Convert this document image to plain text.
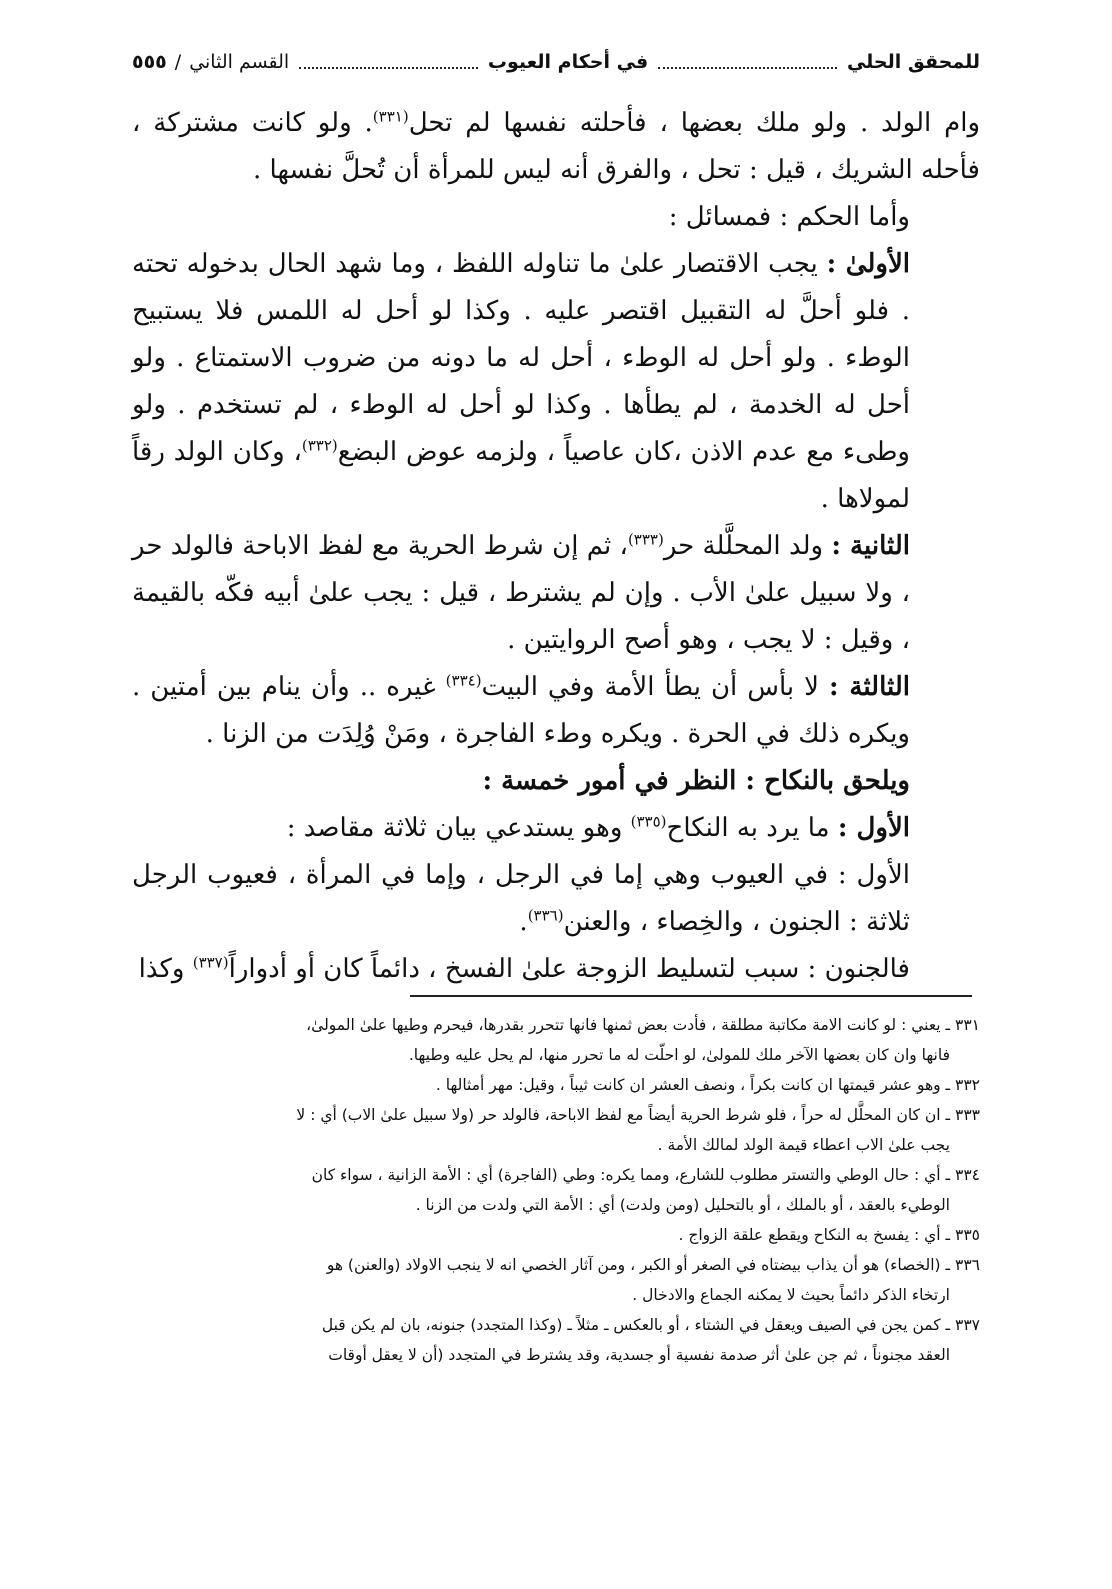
للمحقق الحلي
في أحكام العيوب
القسم الثاني
/
٥٥٥

وام الولد . ولو ملك بعضها ، فأحلته نفسها لم تحل$^{(٣٣١)}$. ولو كانت مشتركة ، فأحله الشريك ، قيل : تحل ، والفرق أنه ليس للمرأة أن تُحلَّ نفسها .

وأما الحكم : فمسائل :

الأولىٰ : يجب الاقتصار علىٰ ما تناوله اللفظ ، وما شهد الحال بدخوله تحته . فلو أحلَّ له التقبيل اقتصر عليه . وكذا لو أحل له اللمس فلا يستبيح الوطء . ولو أحل له الوطء ، أحل له ما دونه من ضروب الاستمتاع . ولو أحل له الخدمة ، لم يطأها . وكذا لو أحل له الوطء ، لم تستخدم . ولو وطىء مع عدم الاذن ،كان عاصياً ، ولزمه عوض البضع$^{(٣٣٢)}$، وكان الولد رقاً لمولاها .

الثانية : ولد المحلَّلة حر$^{(٣٣٣)}$، ثم إن شرط الحرية مع لفظ الاباحة فالولد حر ، ولا سبيل علىٰ الأب . وإن لم يشترط ، قيل : يجب علىٰ أبيه فكّه بالقيمة ، وقيل : لا يجب ، وهو أصح الروايتين .

الثالثة : لا بأس أن يطأ الأمة وفي البيت$^{(٣٣٤)}$ غيره .. وأن ينام بين أمتين . ويكره ذلك في الحرة . ويكره وطء الفاجرة ، ومَنْ وُلِدَت من الزنا .

ويلحق بالنكاح : النظر في أمور خمسة :

الأول : ما يرد به النكاح$^{(٣٣٥)}$ وهو يستدعي بيان ثلاثة مقاصد :

الأول : في العيوب وهي إما في الرجل ، وإما في المرأة ، فعيوب الرجل ثلاثة : الجنون ، والخِصاء ، والعنن$^{(٣٣٦)}$.

فالجنون : سبب لتسليط الزوجة علىٰ الفسخ ، دائماً كان أو أدواراً$^{(٣٣٧)}$ وكذا

٣٣١ ـ يعني : لو كانت الامة مكاتبة مطلقة ، فأدت بعض ثمنها فانها تتحرر بقدرها، فيحرم وطيها علىٰ المولىٰ،
فانها وان كان بعضها الآخر ملك للمولىٰ، لو احلّت له ما تحرر منها، لم يحل عليه وطيها.
٣٣٢ ـ وهو عشر قيمتها ان كانت بكراً ، ونصف العشر ان كانت ثيباً ، وقيل: مهر أمثالها .
٣٣٣ ـ ان كان المحلَّل له حراً ، فلو شرط الحرية أيضاً مع لفظ الاباحة، فالولد حر (ولا سبيل علىٰ الاب) أي : لا
يجب علىٰ الاب اعطاء قيمة الولد لمالك الأمة .
٣٣٤ ـ أي : حال الوطي والتستر مطلوب للشارع، ومما يكره: وطي (الفاجرة) أي : الأمة الزانية ، سواء كان
الوطيء بالعقد ، أو بالملك ، أو بالتحليل (ومن ولدت) أي : الأمة التي ولدت من الزنا .
٣٣٥ ـ أي : يفسخ به النكاح ويقطع علقة الزواج .
٣٣٦ ـ (الخصاء) هو أن يذاب بيضتاه في الصغر أو الكبر ، ومن آثار الخصي انه لا ينجب الاولاد (والعنن) هو
ارتخاء الذكر دائماً بحيث لا يمكنه الجماع والادخال .
٣٣٧ ـ كمن يجن في الصيف ويعقل في الشتاء ، أو بالعكس ـ مثلاً ـ (وكذا المتجدد) جنونه، بان لم يكن قبل
العقد مجنوناً ، ثم جن علىٰ أثر صدمة نفسية أو جسدية، وقد يشترط في المتجدد (أن لا يعقل أوقات
